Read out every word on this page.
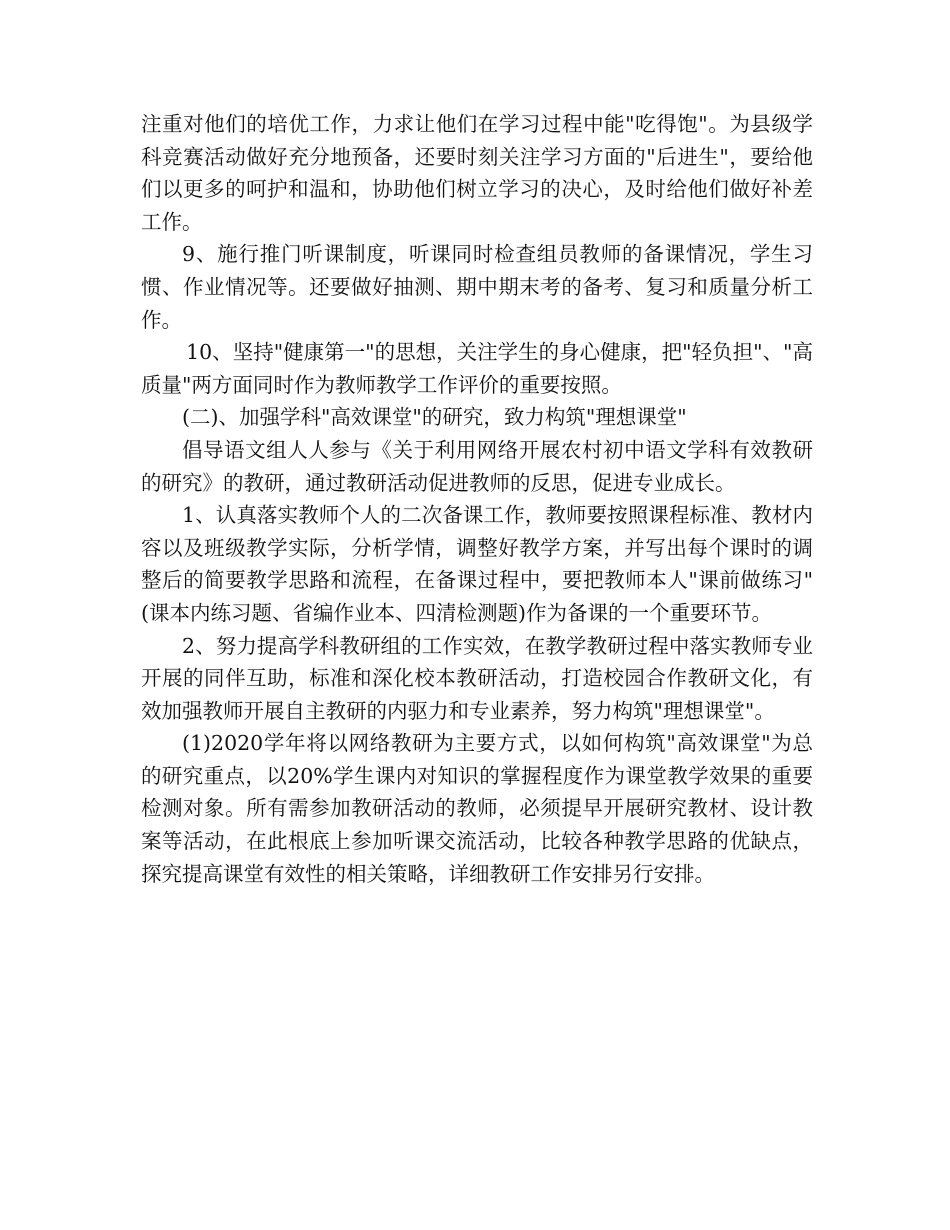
注重对他们的培优工作，力求让他们在学习过程中能"吃得饱"。为县级学科竞赛活动做好充分地预备，还要时刻关注学习方面的"后进生"，要给他们以更多的呵护和温和，协助他们树立学习的决心，及时给他们做好补差工作。

9、施行推门听课制度，听课同时检查组员教师的备课情况，学生习惯、作业情况等。还要做好抽测、期中期末考的备考、复习和质量分析工作。

10、坚持"健康第一"的思想，关注学生的身心健康，把"轻负担"、"高质量"两方面同时作为教师教学工作评价的重要按照。

(二)、加强学科"高效课堂"的研究，致力构筑"理想课堂"

倡导语文组人人参与《关于利用网络开展农村初中语文学科有效教研的研究》的教研，通过教研活动促进教师的反思，促进专业成长。

1、认真落实教师个人的二次备课工作，教师要按照课程标准、教材内容以及班级教学实际，分析学情，调整好教学方案，并写出每个课时的调整后的简要教学思路和流程，在备课过程中，要把教师本人"课前做练习"(课本内练习题、省编作业本、四清检测题)作为备课的一个重要环节。

2、努力提高学科教研组的工作实效，在教学教研过程中落实教师专业开展的同伴互助，标准和深化校本教研活动，打造校园合作教研文化，有效加强教师开展自主教研的内驱力和专业素养，努力构筑"理想课堂"。

(1)2020学年将以网络教研为主要方式，以如何构筑"高效课堂"为总的研究重点，以20%学生课内对知识的掌握程度作为课堂教学效果的重要检测对象。所有需参加教研活动的教师，必须提早开展研究教材、设计教案等活动，在此根底上参加听课交流活动，比较各种教学思路的优缺点，探究提高课堂有效性的相关策略，详细教研工作安排另行安排。
